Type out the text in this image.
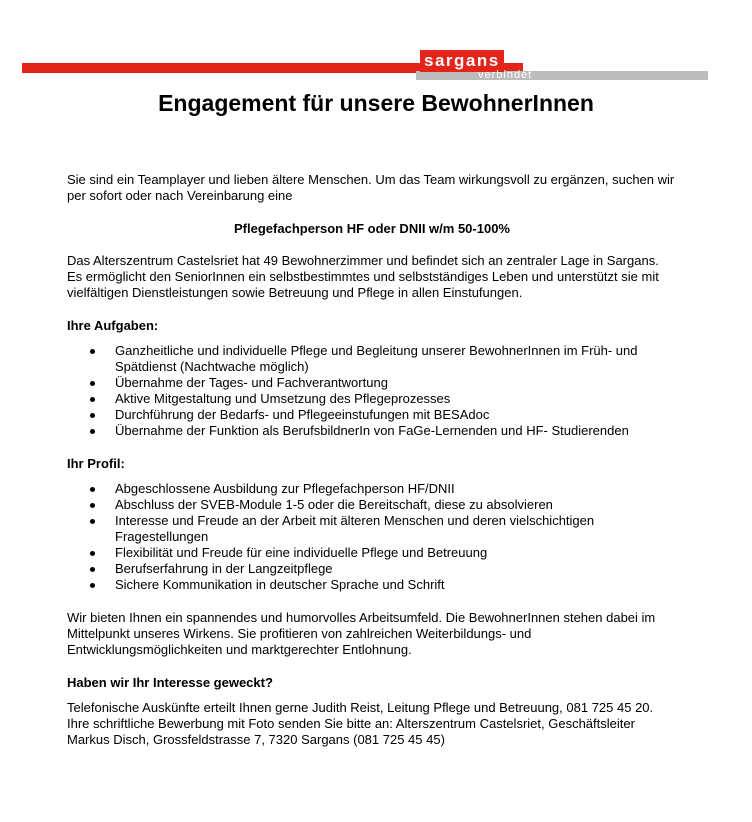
sargans
verbindet
Engagement für unsere BewohnerInnen

Sie sind ein Teamplayer und lieben ältere Menschen. Um das Team wirkungsvoll zu ergänzen, suchen wir per sofort oder nach Vereinbarung eine

Pflegefachperson HF oder DNII w/m 50-100%

Das Alterszentrum Castelsriet hat 49 Bewohnerzimmer und befindet sich an zentraler Lage in Sargans. Es ermöglicht den SeniorInnen ein selbstbestimmtes und selbstständiges Leben und unterstützt sie mit vielfältigen Dienstleistungen sowie Betreuung und Pflege in allen Einstufungen.

Ihre Aufgaben:

Ganzheitliche und individuelle Pflege und Begleitung unserer BewohnerInnen im Früh- und Spätdienst (Nachtwache möglich)
Übernahme der Tages- und Fachverantwortung
Aktive Mitgestaltung und Umsetzung des Pflegeprozesses
Durchführung der Bedarfs- und Pflegeeinstufungen mit BESAdoc
Übernahme der Funktion als BerufsbildnerIn von FaGe-Lernenden und HF- Studierenden

Ihr Profil:

Abgeschlossene Ausbildung zur Pflegefachperson HF/DNII
Abschluss der SVEB-Module 1-5 oder die Bereitschaft, diese zu absolvieren
Interesse und Freude an der Arbeit mit älteren Menschen und deren vielschichtigen Fragestellungen
Flexibilität und Freude für eine individuelle Pflege und Betreuung
Berufserfahrung in der Langzeitpflege
Sichere Kommunikation in deutscher Sprache und Schrift

Wir bieten Ihnen ein spannendes und humorvolles Arbeitsumfeld. Die BewohnerInnen stehen dabei im Mittelpunkt unseres Wirkens. Sie profitieren von zahlreichen Weiterbildungs- und Entwicklungsmöglichkeiten und marktgerechter Entlohnung.

Haben wir Ihr Interesse geweckt?

Telefonische Auskünfte erteilt Ihnen gerne Judith Reist, Leitung Pflege und Betreuung, 081 725 45 20. Ihre schriftliche Bewerbung mit Foto senden Sie bitte an: Alterszentrum Castelsriet, Geschäftsleiter Markus Disch, Grossfeldstrasse 7, 7320 Sargans (081 725 45 45)
